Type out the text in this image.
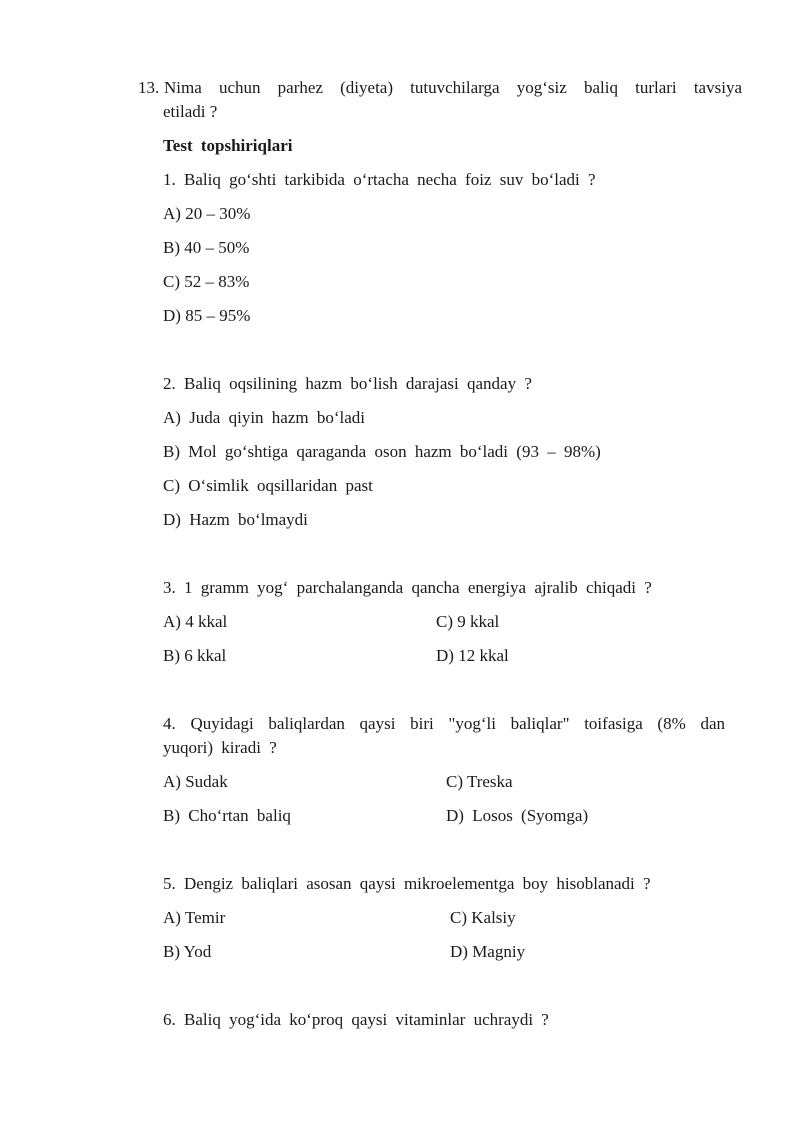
13. Nima uchun parhez (diyeta) tutuvchilarga yog‘siz baliq turlari tavsiya
etiladi ?
Test topshiriqlari
1. Baliq go‘shti tarkibida o‘rtacha necha foiz suv bo‘ladi ?
A) 20 – 30%
B) 40 – 50%
C) 52 – 83%
D) 85 – 95%
2. Baliq oqsilining hazm bo‘lish darajasi qanday ?
A) Juda qiyin hazm bo‘ladi
B) Mol go‘shtiga qaraganda oson hazm bo‘ladi (93 – 98%)
C) O‘simlik oqsillaridan past
D) Hazm bo‘lmaydi
3. 1 gramm yog‘ parchalanganda qancha energiya ajralib chiqadi ?
A) 4 kkal	C) 9 kkal
B) 6 kkal	D) 12 kkal
4. Quyidagi baliqlardan qaysi biri "yog‘li baliqlar" toifasiga (8% dan
yuqori) kiradi ?
A) Sudak	C) Treska
B) Cho‘rtan baliq	D) Losos (Syomga)
5. Dengiz baliqlari asosan qaysi mikroelementga boy hisoblanadi ?
A) Temir	C) Kalsiy
B) Yod	D) Magniy
6. Baliq yog‘ida ko‘proq qaysi vitaminlar uchraydi ?
